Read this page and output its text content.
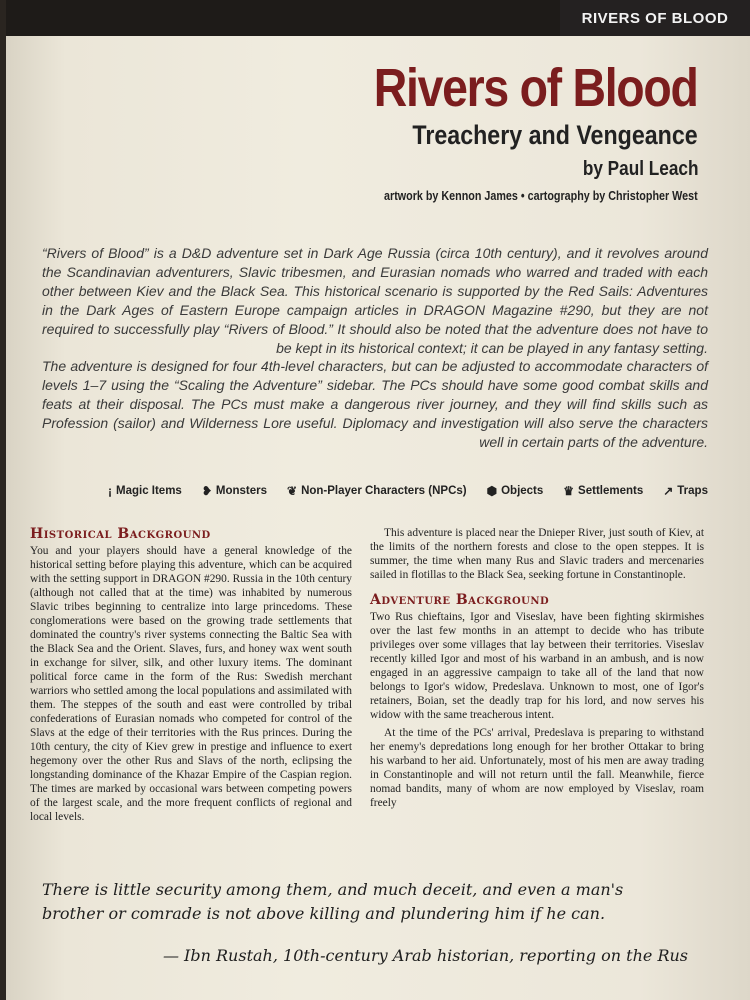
RIVERS OF BLOOD
Rivers of Blood
Treachery and Vengeance
by Paul Leach
artwork by Kennon James • cartography by Christopher West
“Rivers of Blood” is a D&D adventure set in Dark Age Russia (circa 10th century), and it revolves around the Scandinavian adventurers, Slavic tribesmen, and Eurasian nomads who warred and traded with each other between Kiev and the Black Sea. This historical scenario is supported by the Red Sails: Adventures in the Dark Ages of Eastern Europe campaign articles in DRAGON Magazine #290, but they are not required to successfully play “Rivers of Blood.” It should also be noted that the adventure does not have to be kept in its historical context; it can be played in any fantasy setting.
The adventure is designed for four 4th-level characters, but can be adjusted to accommodate characters of levels 1–7 using the “Scaling the Adventure” sidebar. The PCs should have some good combat skills and feats at their disposal. The PCs must make a dangerous river journey, and they will find skills such as Profession (sailor) and Wilderness Lore useful. Diplomacy and investigation will also serve the characters well in certain parts of the adventure.
¡ Magic Items ❥ Monsters ❦ Non-Player Characters (NPCs) ⬢ Objects ♛ Settlements ↗ Traps
Historical Background

You and your players should have a general knowledge of the historical setting before playing this adventure, which can be acquired with the setting support in DRAGON #290. Russia in the 10th century (although not called that at the time) was inhabited by numerous Slavic tribes beginning to centralize into large princedoms. These conglomerations were based on the growing trade settlements that dominated the country's river systems connecting the Baltic Sea with the Black Sea and the Orient. Slaves, furs, and honey wax went south in exchange for silver, silk, and other luxury items. The dominant political force came in the form of the Rus: Swedish merchant warriors who settled among the local populations and assimilated with them. The steppes of the south and east were controlled by tribal confederations of Eurasian nomads who competed for control of the Slavs at the edge of their territories with the Rus princes. During the 10th century, the city of Kiev grew in prestige and influence to exert hegemony over the other Rus and Slavs of the north, eclipsing the longstanding dominance of the Khazar Empire of the Caspian region. The times are marked by occasional wars between competing powers of the largest scale, and the more frequent conflicts of regional and local levels.

This adventure is placed near the Dnieper River, just south of Kiev, at the limits of the northern forests and close to the open steppes. It is summer, the time when many Rus and Slavic traders and mercenaries sailed in flotillas to the Black Sea, seeking fortune in Constantinople.

Adventure Background

Two Rus chieftains, Igor and Viseslav, have been fighting skirmishes over the last few months in an attempt to decide who has tribute privileges over some villages that lay between their territories. Viseslav recently killed Igor and most of his warband in an ambush, and is now engaged in an aggressive campaign to take all of the land that now belongs to Igor's widow, Predeslava. Unknown to most, one of Igor's retainers, Boian, set the deadly trap for his lord, and now serves his widow with the same treacherous intent.

At the time of the PCs' arrival, Predeslava is preparing to withstand her enemy's depredations long enough for her brother Ottakar to bring his warband to her aid. Unfortunately, most of his men are away trading in Constantinople and will not return until the fall. Meanwhile, fierce nomad bandits, many of whom are now employed by Viseslav, roam freely

There is little security among them, and much deceit, and even a man's brother or comrade is not above killing and plundering him if he can.
— Ibn Rustah, 10th-century Arab historian, reporting on the Rus
